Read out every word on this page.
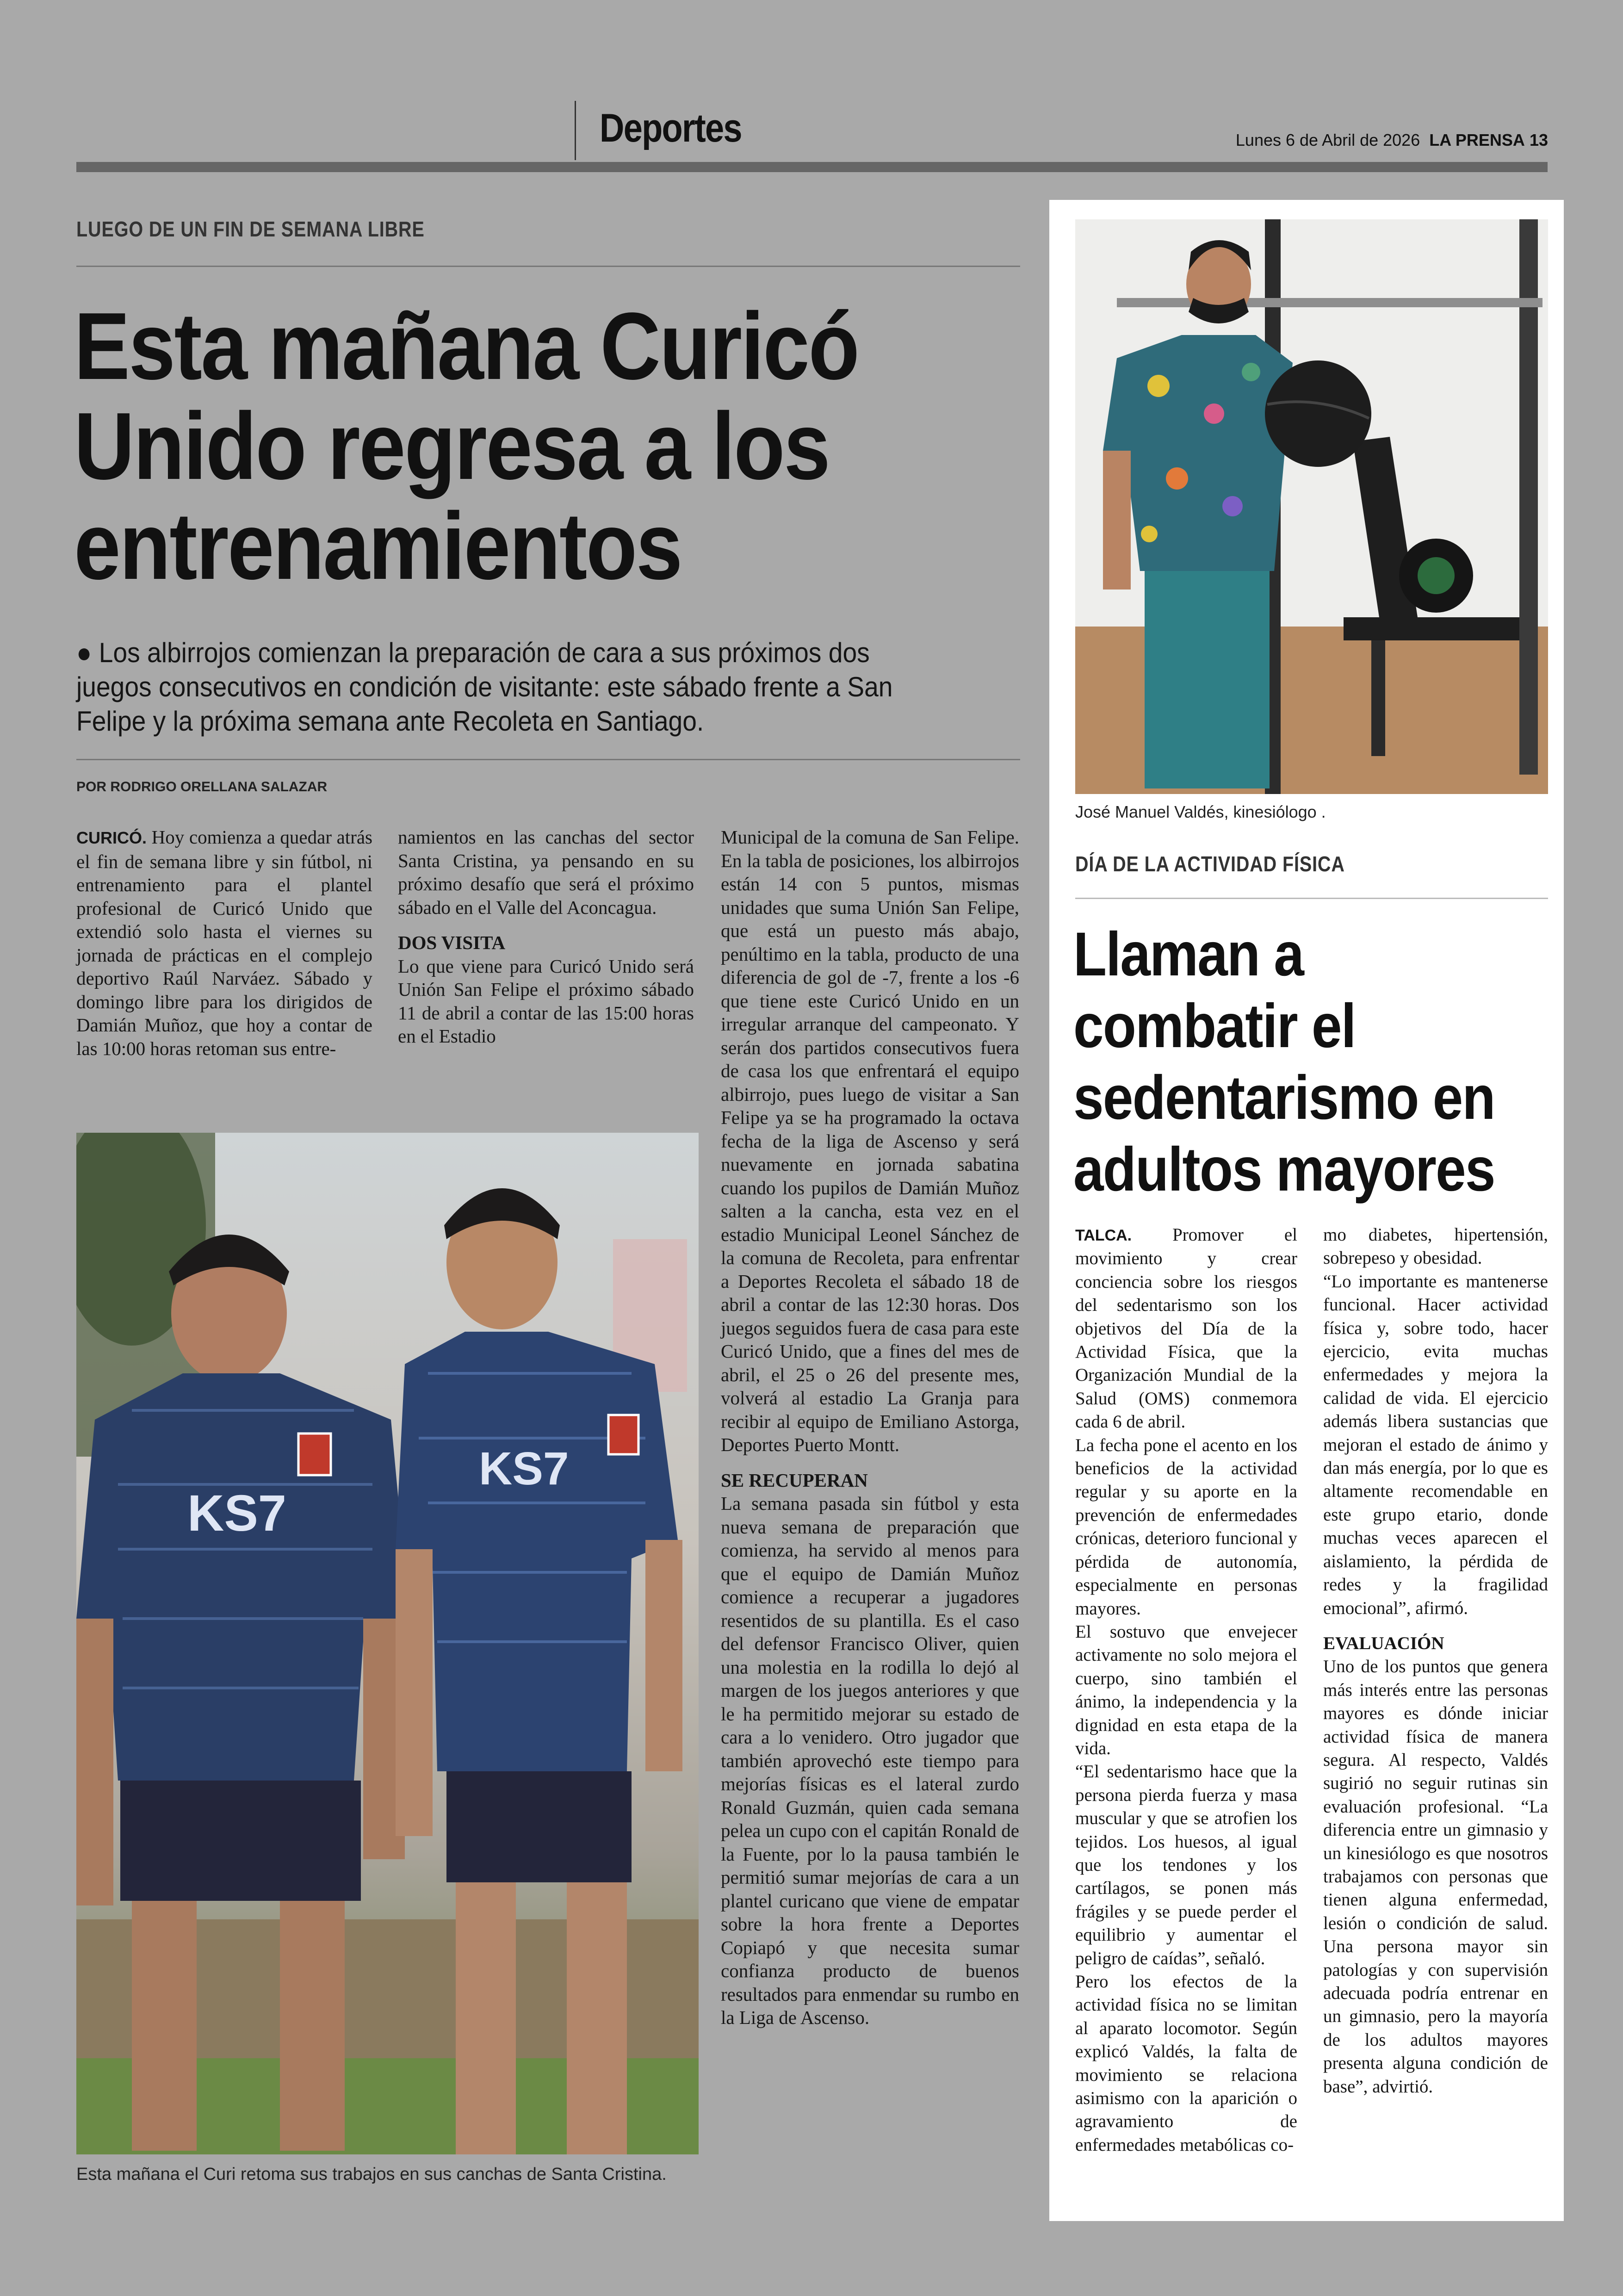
Deportes	Lunes 6 de Abril de 2026 LA PRENSA 13
LUEGO DE UN FIN DE SEMANA LIBRE
Esta mañana Curicó
Unido regresa a los
entrenamientos
● Los albirrojos comienzan la preparación de cara a sus próximos dos
juegos consecutivos en condición de visitante: este sábado frente a San
Felipe y la próxima semana ante Recoleta en Santiago.
POR RODRIGO ORELLANA SALAZAR

CURICÓ. Hoy comienza a quedar atrás el fin de semana libre y sin fútbol, ni entrenamiento para el plantel profesional de Curicó Unido que extendió solo hasta el viernes su jornada de prácticas en el complejo deportivo Raúl Narváez. Sábado y domingo libre para los dirigidos de Damián Muñoz, que hoy a contar de las 10:00 horas retoman sus entre-

namientos en las canchas del sector Santa Cristina, ya pensando en su próximo desafío que será el próximo sábado en el Valle del Aconcagua.

DOS VISITA

Lo que viene para Curicó Unido será Unión San Felipe el próximo sábado 11 de abril a contar de las 15:00 horas en el Estadio

Municipal de la comuna de San Felipe. En la tabla de posiciones, los albirrojos están 14 con 5 puntos, mismas unidades que suma Unión San Felipe, que está un puesto más abajo, penúltimo en la tabla, producto de una diferencia de gol de -7, frente a los -6 que tiene este Curicó Unido en un irregular arranque del campeonato. Y serán dos partidos consecutivos fuera de casa los que enfrentará el equipo albirrojo, pues luego de visitar a San Felipe ya se ha programado la octava fecha de la liga de Ascenso y será nuevamente en jornada sabatina cuando los pupilos de Damián Muñoz salten a la cancha, esta vez en el estadio Municipal Leonel Sánchez de la comuna de Recoleta, para enfrentar a Deportes Recoleta el sábado 18 de abril a contar de las 12:30 horas. Dos juegos seguidos fuera de casa para este Curicó Unido, que a fines del mes de abril, el 25 o 26 del presente mes, volverá al estadio La Granja para recibir al equipo de Emiliano Astorga, Deportes Puerto Montt.

SE RECUPERAN

La semana pasada sin fútbol y esta nueva semana de preparación que comienza, ha servido al menos para que el equipo de Damián Muñoz comience a recuperar a jugadores resentidos de su plantilla. Es el caso del defensor Francisco Oliver, quien una molestia en la rodilla lo dejó al margen de los juegos anteriores y que le ha permitido mejorar su estado de cara a lo venidero. Otro jugador que también aprovechó este tiempo para mejorías físicas es el lateral zurdo Ronald Guzmán, quien cada semana pelea un cupo con el capitán Ronald de la Fuente, por lo la pausa también le permitió sumar mejorías de cara a un plantel curicano que viene de empatar sobre la hora frente a Deportes Copiapó y que necesita sumar confianza producto de buenos resultados para enmendar su rumbo en la Liga de Ascenso.

KS7
KS7
Esta mañana el Curi retoma sus trabajos en sus canchas de Santa Cristina.
José Manuel Valdés, kinesiólogo .
DÍA DE LA ACTIVIDAD FÍSICA
Llaman a
combatir el
sedentarismo en
adultos mayores

TALCA. Promover el movimiento y crear conciencia sobre los riesgos del sedentarismo son los objetivos del Día de la Actividad Física, que la Organización Mundial de la Salud (OMS) conmemora cada 6 de abril.

La fecha pone el acento en los beneficios de la actividad regular y su aporte en la prevención de enfermedades crónicas, deterioro funcional y pérdida de autonomía, especialmente en personas mayores.

El sostuvo que envejecer activamente no solo mejora el cuerpo, sino también el ánimo, la independencia y la dignidad en esta etapa de la vida.

“El sedentarismo hace que la persona pierda fuerza y masa muscular y que se atrofien los tejidos. Los huesos, al igual que los tendones y los cartílagos, se ponen más frágiles y se puede perder el equilibrio y aumentar el peligro de caídas”, señaló.

Pero los efectos de la actividad física no se limitan al aparato locomotor. Según explicó Valdés, la falta de movimiento se relaciona asimismo con la aparición o agravamiento de enfermedades metabólicas co-

mo diabetes, hipertensión, sobrepeso y obesidad.

“Lo importante es mantenerse funcional. Hacer actividad física y, sobre todo, hacer ejercicio, evita muchas enfermedades y mejora la calidad de vida. El ejercicio además libera sustancias que mejoran el estado de ánimo y dan más energía, por lo que es altamente recomendable en este grupo etario, donde muchas veces aparecen el aislamiento, la pérdida de redes y la fragilidad emocional”, afirmó.

EVALUACIÓN

Uno de los puntos que genera más interés entre las personas mayores es dónde iniciar actividad física de manera segura. Al respecto, Valdés sugirió no seguir rutinas sin evaluación profesional. “La diferencia entre un gimnasio y un kinesiólogo es que nosotros trabajamos con personas que tienen alguna enfermedad, lesión o condición de salud. Una persona mayor sin patologías y con supervisión adecuada podría entrenar en un gimnasio, pero la mayoría de los adultos mayores presenta alguna condición de base”, advirtió.
